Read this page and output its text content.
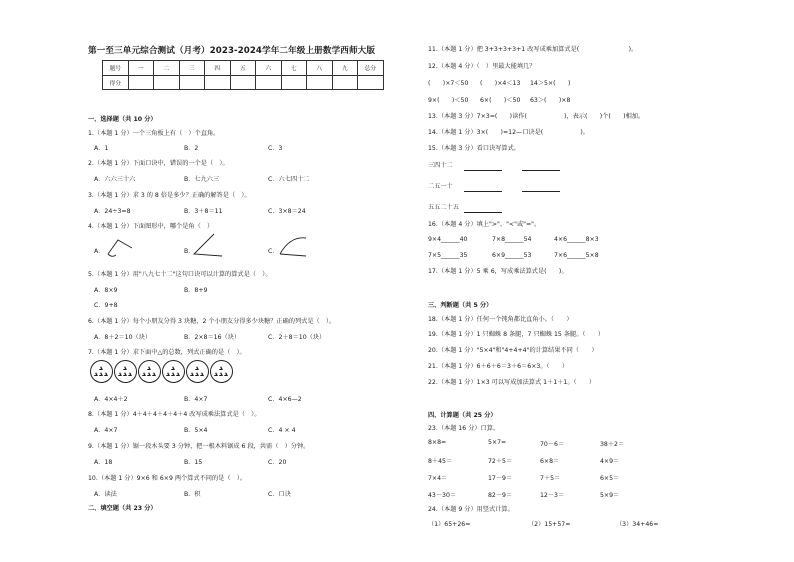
第一至三单元综合测试（月考）2023-2024学年二年级上册数学西师大版
题号	一	二	三	四	五	六	七	八	九	总分
得分										
一、选择题（共 10 分）
1.（本题 1 分）一个三角板上有（　）个直角。
A．1	B．2	C．3
2.（本题 1 分）下面口诀中，错误的一个是（　）。
A．六六三十六	B．七九六三	C．六七四十二
3.（本题 1 分）求 3 的 8 倍是多少？正确的解答是（　）。
A．24÷3=8	B．3＋8＝11	C．3×8＝24
4.（本题 1 分）下面图形中，哪个是角（　）
A．	B．	C．
5.（本题 1 分）用"八九七十二"这句口诀可以计算的算式是（　）。
A．8×9	B．8+9
C．9+8
6.（本题 1 分）每个小朋友分得 3 块糖，2 个小朋友分得多少块糖？正确的列式是（　）。
A．8＋2＝10（块）	B．2×8＝16（块）	C．2＋8＝10（块）
7.（本题 1 分）求下面中△的总数，列式正确的是（　）。
A．4×4＋2	B．4×7	C．4×6—2
8.（本题 1 分）4＋4＋4＋4＋4＋4 改写成乘法算式是（　）。
A．4×7	B．5×4	C．4 × 4
9.（本题 1 分）锯一段木头要 3 分钟，把一根木料锯成 6 段，共需（　）分钟。
A．18	B．15	C．20
10.（本题 1 分）9×6 和 6×9 两个算式不同的是（　）。
A．读法	B．积	C．口诀
二、填空题（共 23 分）
11.（本题 1 分）把 3+3+3+3+1 改写成乘加算式是(　　　　　　　　)。
12.（本题 4 分）（　）里最大能填几？
(　　)×7＜50 (　　)×4＜13 14＞5×(　　)
9×(　　)＜50 6×(　　)＜50 63＞(　　)×8
13.（本题 3 分）7×3=(　　)读作(　　　　　　)，表示(　　)个(　　)相加。
14.（本题 1 分）3×(　　)=12—口诀是(　　　　　　)。
15.（本题 3 分）看口诀写算式。
三四十二
二五一十
五五二十五
16.（本题 4 分）填上">"、"<"或"="。
9×4______40	7×8______54	4×6______8×3
7×5______35	6×9______53	7×6______5×8
17.（本题 1 分）5 乘 6，写成乘法算式是(　　)。
三、判断题（共 5 分）
18.（本题 1 分）任何一个钝角都比直角小。（　　）
19.（本题 1 分）1 只蜘蛛 8 条腿，7 只蜘蛛 15 条腿。（　　）
20.（本题 1 分）"5×4"和"4+4+4"的计算结果不同（　　）
21.（本题 1 分）6＋6＋6＝3＋6＝6×3。（　　）
22.（本题 1 分）1×3 可以写成加法算式 1＋1＋1。（　　）
四、计算题（共 25 分）
23.（本题 16 分）口算。
8×8=	5×7=	70－6＝	38＋2＝
8＋45＝	72＋5＝	6×8＝	4×9＝
7×4＝	17－9＝	7＋5＝	6×5＝
43－30＝	82－9＝	12－3＝	5×9＝
24.（本题 9 分）用竖式计算。
（1）65+26=	（2）15+57=	（3）34+46=
